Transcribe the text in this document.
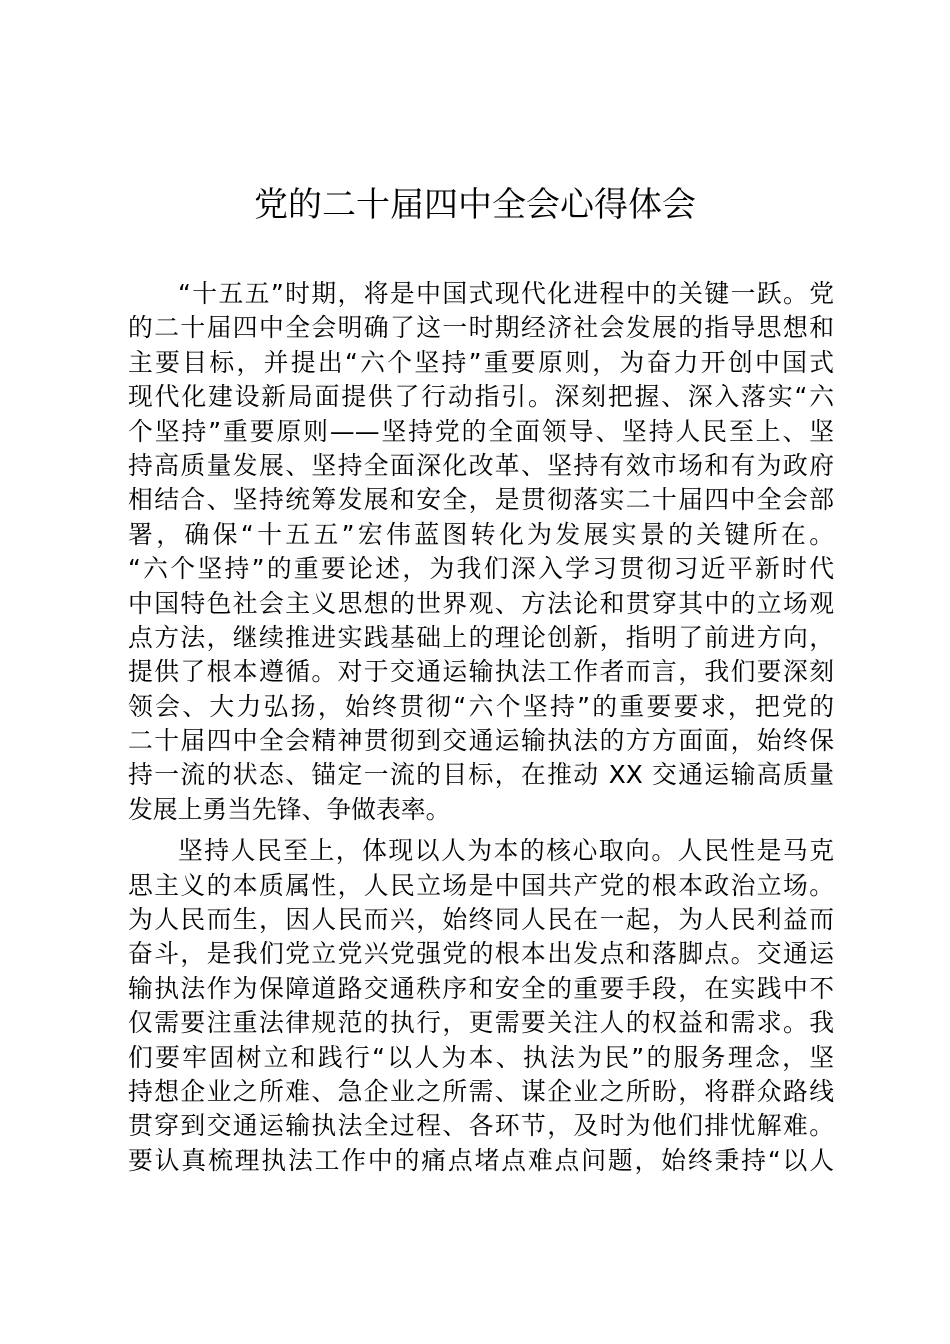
党的二十届四中全会心得体会
“十五五”时期，将是中国式现代化进程中的关键一跃。党
的二十届四中全会明确了这一时期经济社会发展的指导思想和
主要目标，并提出“六个坚持”重要原则，为奋力开创中国式
现代化建设新局面提供了行动指引。深刻把握、深入落实“六
个坚持”重要原则——坚持党的全面领导、坚持人民至上、坚
持高质量发展、坚持全面深化改革、坚持有效市场和有为政府
相结合、坚持统筹发展和安全，是贯彻落实二十届四中全会部
署，确保“十五五”宏伟蓝图转化为发展实景的关键所在。
“六个坚持”的重要论述，为我们深入学习贯彻习近平新时代
中国特色社会主义思想的世界观、方法论和贯穿其中的立场观
点方法，继续推进实践基础上的理论创新，指明了前进方向，
提供了根本遵循。对于交通运输执法工作者而言，我们要深刻
领会、大力弘扬，始终贯彻“六个坚持”的重要要求，把党的
二十届四中全会精神贯彻到交通运输执法的方方面面，始终保
持一流的状态、锚定一流的目标，在推动 XX 交通运输高质量
发展上勇当先锋、争做表率。
坚持人民至上，体现以人为本的核心取向。人民性是马克
思主义的本质属性，人民立场是中国共产党的根本政治立场。
为人民而生，因人民而兴，始终同人民在一起，为人民利益而
奋斗，是我们党立党兴党强党的根本出发点和落脚点。交通运
输执法作为保障道路交通秩序和安全的重要手段，在实践中不
仅需要注重法律规范的执行，更需要关注人的权益和需求。我
们要牢固树立和践行“以人为本、执法为民”的服务理念，坚
持想企业之所难、急企业之所需、谋企业之所盼，将群众路线
贯穿到交通运输执法全过程、各环节，及时为他们排忧解难。
要认真梳理执法工作中的痛点堵点难点问题，始终秉持“以人
